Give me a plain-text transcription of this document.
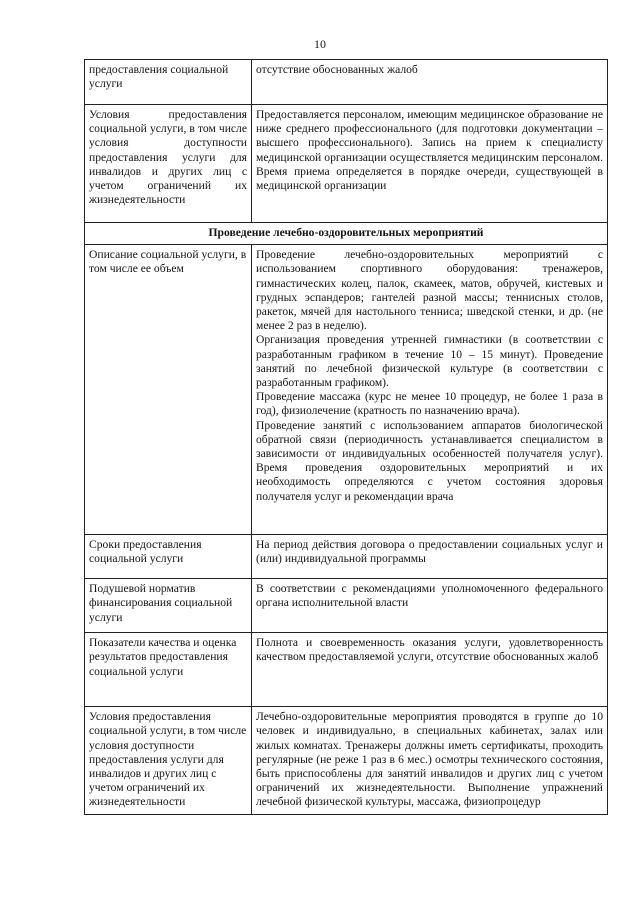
10
предоставления социальной услуги	отсутствие обоснованных жалоб

Условия предоставления социальной услуги, в том числе условия доступности предоставления услуги для инвалидов и других лиц с учетом ограничений их жизнедеятельности	Предоставляется персоналом, имеющим медицинское образование не ниже среднего профессионального (для подготовки документации – высшего профессионального). Запись на прием к специалисту медицинской организации осуществляется медицинским персоналом. Время приема определяется в порядке очереди, существующей в медицинской организации

Проведение лечебно-оздоровительных мероприятий	
Описание социальной услуги, в том числе ее объем	Проведение лечебно-оздоровительных мероприятий с использованием спортивного оборудования: тренажеров, гимнастических колец, палок, скамеек, матов, обручей, кистевых и грудных эспандеров; гантелей разной массы; теннисных столов, ракеток, мячей для настольного тенниса; шведской стенки, и др. (не менее 2 раз в неделю).
Организация проведения утренней гимнастики (в соответствии с разработанным графиком в течение 10 – 15 минут). Проведение занятий по лечебной физической культуре (в соответствии с разработанным графиком).
Проведение массажа (курс не менее 10 процедур, не более 1 раза в год), физиолечение (кратность по назначению врача).
Проведение занятий с использованием аппаратов биологической обратной связи (периодичность устанавливается специалистом в зависимости от индивидуальных особенностей получателя услуг). Время проведения оздоровительных мероприятий и их необходимость определяются с учетом состояния здоровья получателя услуг и рекомендации врача

Сроки предоставления социальной услуги	На период действия договора о предоставлении социальных услуг и (или) индивидуальной программы

Подушевой норматив финансирования социальной услуги	В соответствии с рекомендациями уполномоченного федерального органа исполнительной власти

Показатели качества и оценка результатов предоставления социальной услуги	Полнота и своевременность оказания услуги, удовлетворенность качеством предоставляемой услуги, отсутствие обоснованных жалоб

Условия предоставления социальной услуги, в том числе условия доступности предоставления услуги для инвалидов и других лиц с учетом ограничений их жизнедеятельности	Лечебно-оздоровительные мероприятия проводятся в группе до 10 человек и индивидуально, в специальных кабинетах, залах или жилых комнатах. Тренажеры должны иметь сертификаты, проходить регулярные (не реже 1 раз в 6 мес.) осмотры технического состояния, быть приспособлены для занятий инвалидов и других лиц с учетом ограничений их жизнедеятельности. Выполнение упражнений лечебной физической культуры, массажа, физиопроцедур
